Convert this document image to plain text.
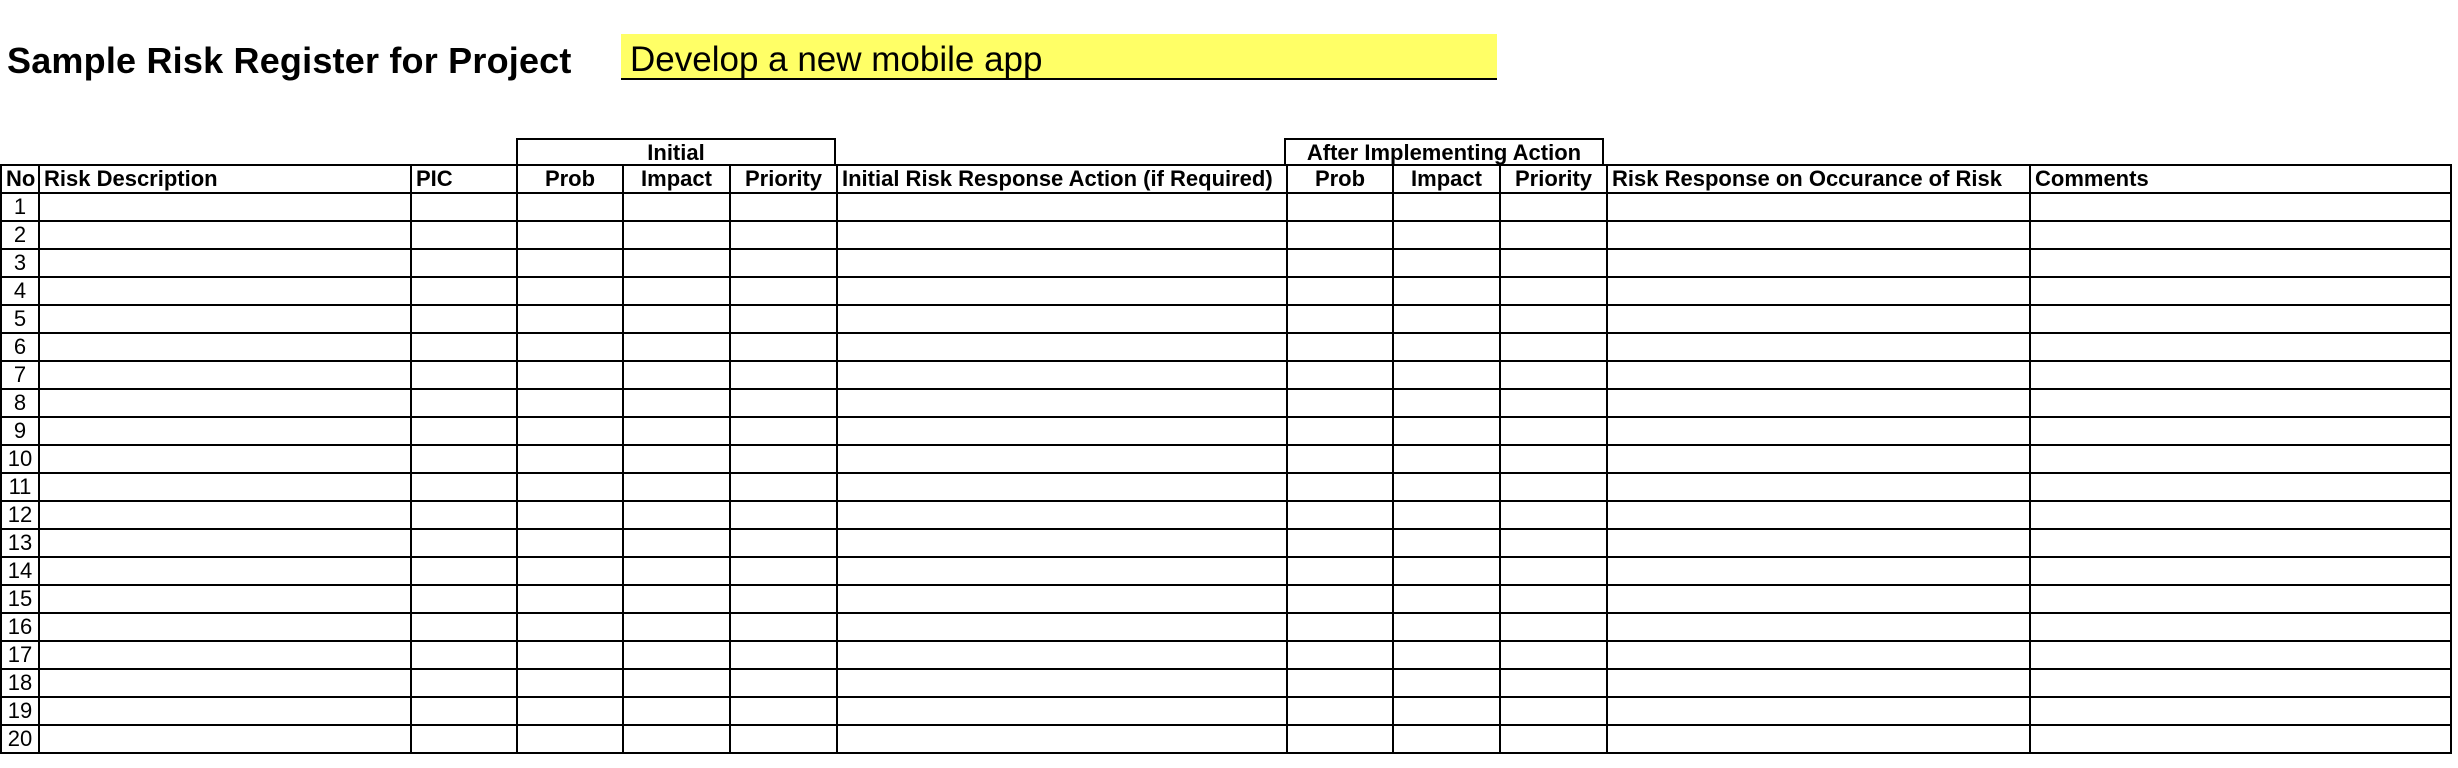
Sample Risk Register for Project Develop a new mobile app
Initial	After Implementing Action
No	Risk Description	PIC	Prob	Impact	Priority	Initial Risk Response Action (if Required)	Prob	Impact	Priority	Risk Response on Occurance of Risk	Comments
1											
2											
3											
4											
5											
6											
7											
8											
9											
10											
11											
12											
13											
14											
15											
16											
17											
18											
19											
20											
